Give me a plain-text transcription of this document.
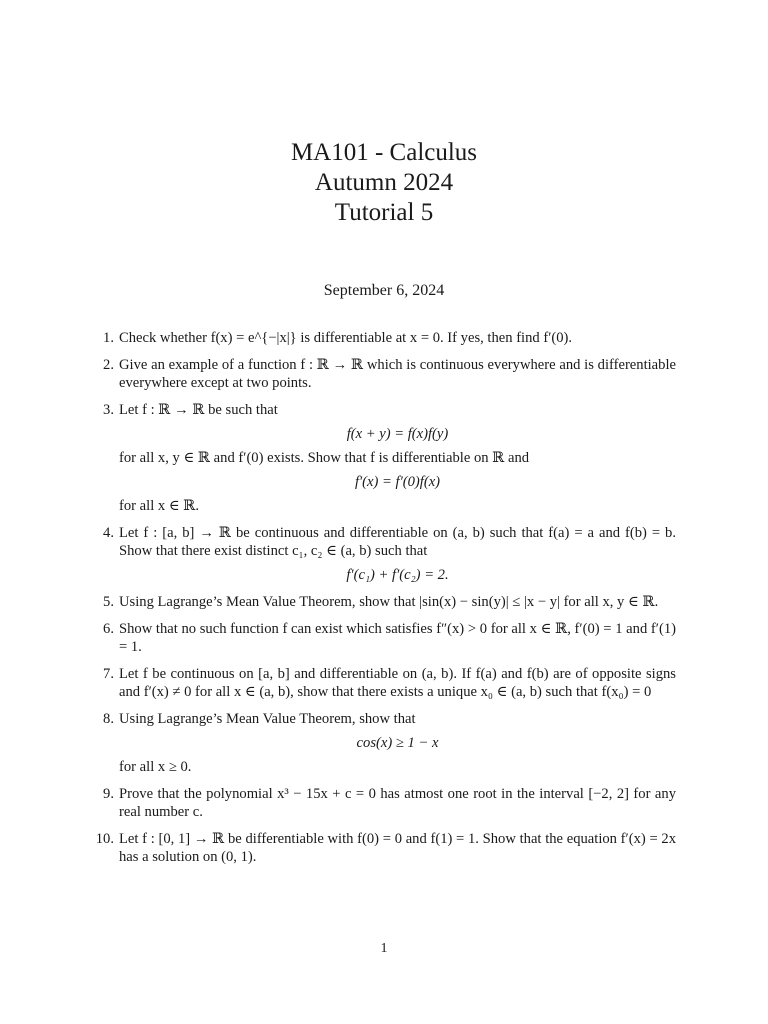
MA101 - Calculus
Autumn 2024
Tutorial 5
September 6, 2024
1. Check whether f(x) = e^{−|x|} is differentiable at x = 0. If yes, then find f′(0).
2. Give an example of a function f : ℝ → ℝ which is continuous everywhere and is differentiable everywhere except at two points.
3. Let f : ℝ → ℝ be such that
f(x + y) = f(x)f(y)
for all x, y ∈ ℝ and f′(0) exists. Show that f is differentiable on ℝ and
f′(x) = f′(0)f(x)
for all x ∈ ℝ.
4. Let f : [a, b] → ℝ be continuous and differentiable on (a, b) such that f(a) = a and f(b) = b. Show that there exist distinct c₁, c₂ ∈ (a, b) such that
f′(c₁) + f′(c₂) = 2.
5. Using Lagrange’s Mean Value Theorem, show that |sin(x) − sin(y)| ≤ |x − y| for all x, y ∈ ℝ.
6. Show that no such function f can exist which satisfies f″(x) > 0 for all x ∈ ℝ, f′(0) = 1 and f′(1) = 1.
7. Let f be continuous on [a, b] and differentiable on (a, b). If f(a) and f(b) are of opposite signs and f′(x) ≠ 0 for all x ∈ (a, b), show that there exists a unique x₀ ∈ (a, b) such that f(x₀) = 0
8. Using Lagrange’s Mean Value Theorem, show that
cos(x) ≥ 1 − x
for all x ≥ 0.
9. Prove that the polynomial x³ − 15x + c = 0 has atmost one root in the interval [−2, 2] for any real number c.
10. Let f : [0, 1] → ℝ be differentiable with f(0) = 0 and f(1) = 1. Show that the equation f′(x) = 2x has a solution on (0, 1).
1
